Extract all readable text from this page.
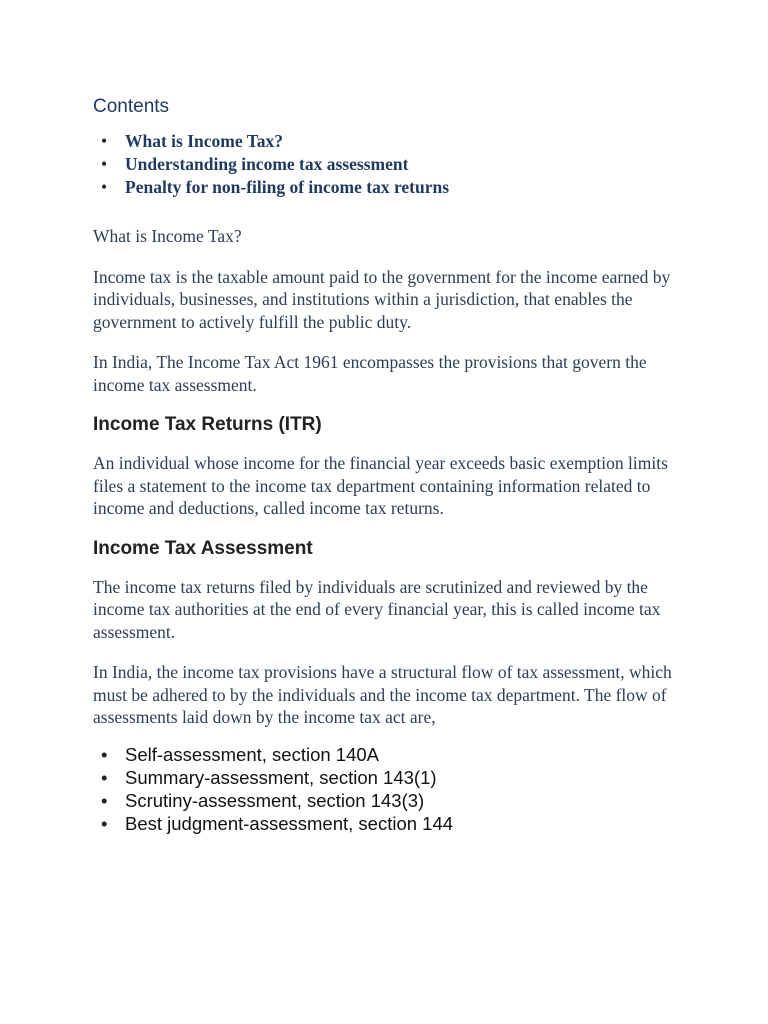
Contents
• What is Income Tax?
• Understanding income tax assessment
• Penalty for non-filing of income tax returns

What is Income Tax?

Income tax is the taxable amount paid to the government for the income earned by individuals, businesses, and institutions within a jurisdiction, that enables the government to actively fulfill the public duty.

In India, The Income Tax Act 1961 encompasses the provisions that govern the income tax assessment.

Income Tax Returns (ITR)

An individual whose income for the financial year exceeds basic exemption limits files a statement to the income tax department containing information related to income and deductions, called income tax returns.

Income Tax Assessment

The income tax returns filed by individuals are scrutinized and reviewed by the income tax authorities at the end of every financial year, this is called income tax assessment.

In India, the income tax provisions have a structural flow of tax assessment, which must be adhered to by the individuals and the income tax department. The flow of assessments laid down by the income tax act are,

• Self-assessment, section 140A
• Summary-assessment, section 143(1)
• Scrutiny-assessment, section 143(3)
• Best judgment-assessment, section 144
